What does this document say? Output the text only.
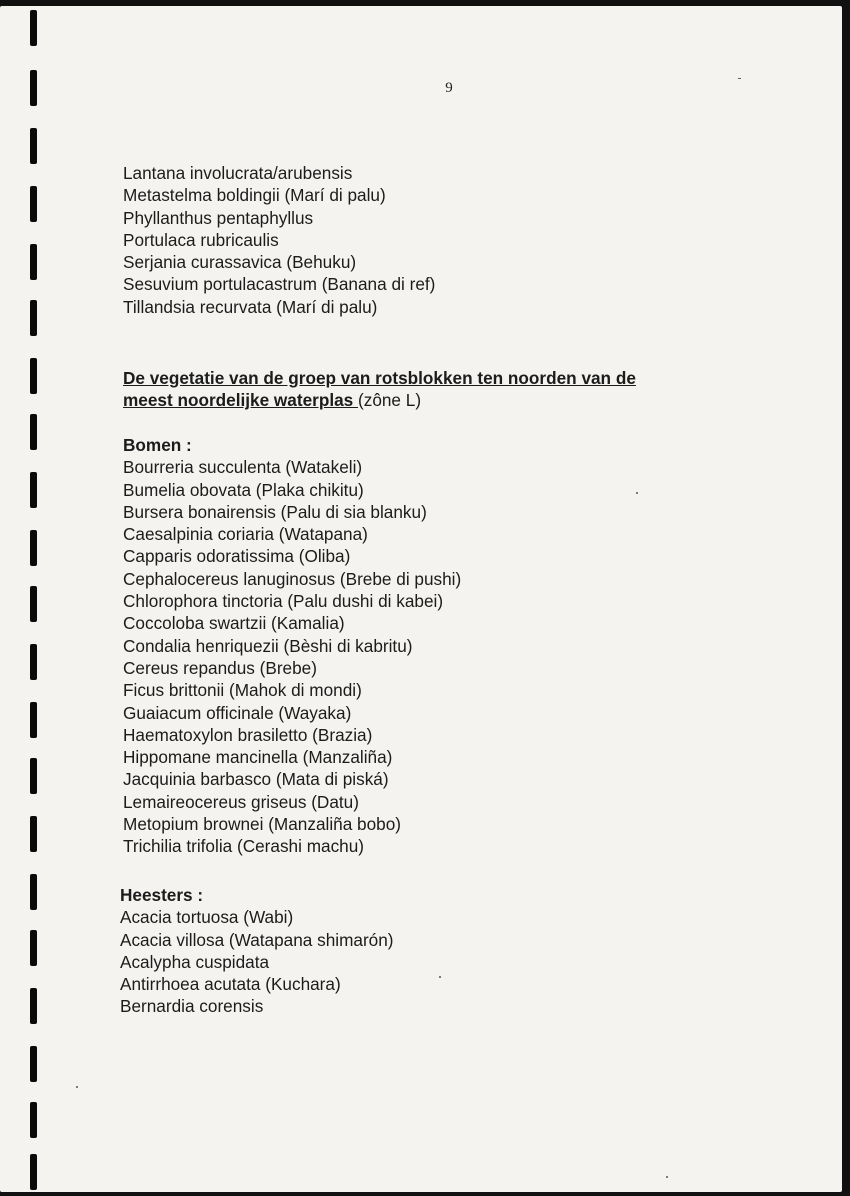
9
Lantana involucrata/arubensis
Metastelma boldingii (Marí di palu)
Phyllanthus pentaphyllus
Portulaca rubricaulis
Serjania curassavica (Behuku)
Sesuvium portulacastrum (Banana di ref)
Tillandsia recurvata (Marí di palu)
De vegetatie van de groep van rotsblokken ten noorden van de
meest noordelijke waterplas (zône L)
Bomen :
Bourreria succulenta (Watakeli)
Bumelia obovata (Plaka chikitu)
Bursera bonairensis (Palu di sia blanku)
Caesalpinia coriaria (Watapana)
Capparis odoratissima (Oliba)
Cephalocereus lanuginosus (Brebe di pushi)
Chlorophora tinctoria (Palu dushi di kabei)
Coccoloba swartzii (Kamalia)
Condalia henriquezii (Bèshi di kabritu)
Cereus repandus (Brebe)
Ficus brittonii (Mahok di mondi)
Guaiacum officinale (Wayaka)
Haematoxylon brasiletto (Brazia)
Hippomane mancinella (Manzaliña)
Jacquinia barbasco (Mata di piská)
Lemaireocereus griseus (Datu)
Metopium brownei (Manzaliña bobo)
Trichilia trifolia (Cerashi machu)
Heesters :
Acacia tortuosa (Wabi)
Acacia villosa (Watapana shimarón)
Acalypha cuspidata
Antirrhoea acutata (Kuchara)
Bernardia corensis
